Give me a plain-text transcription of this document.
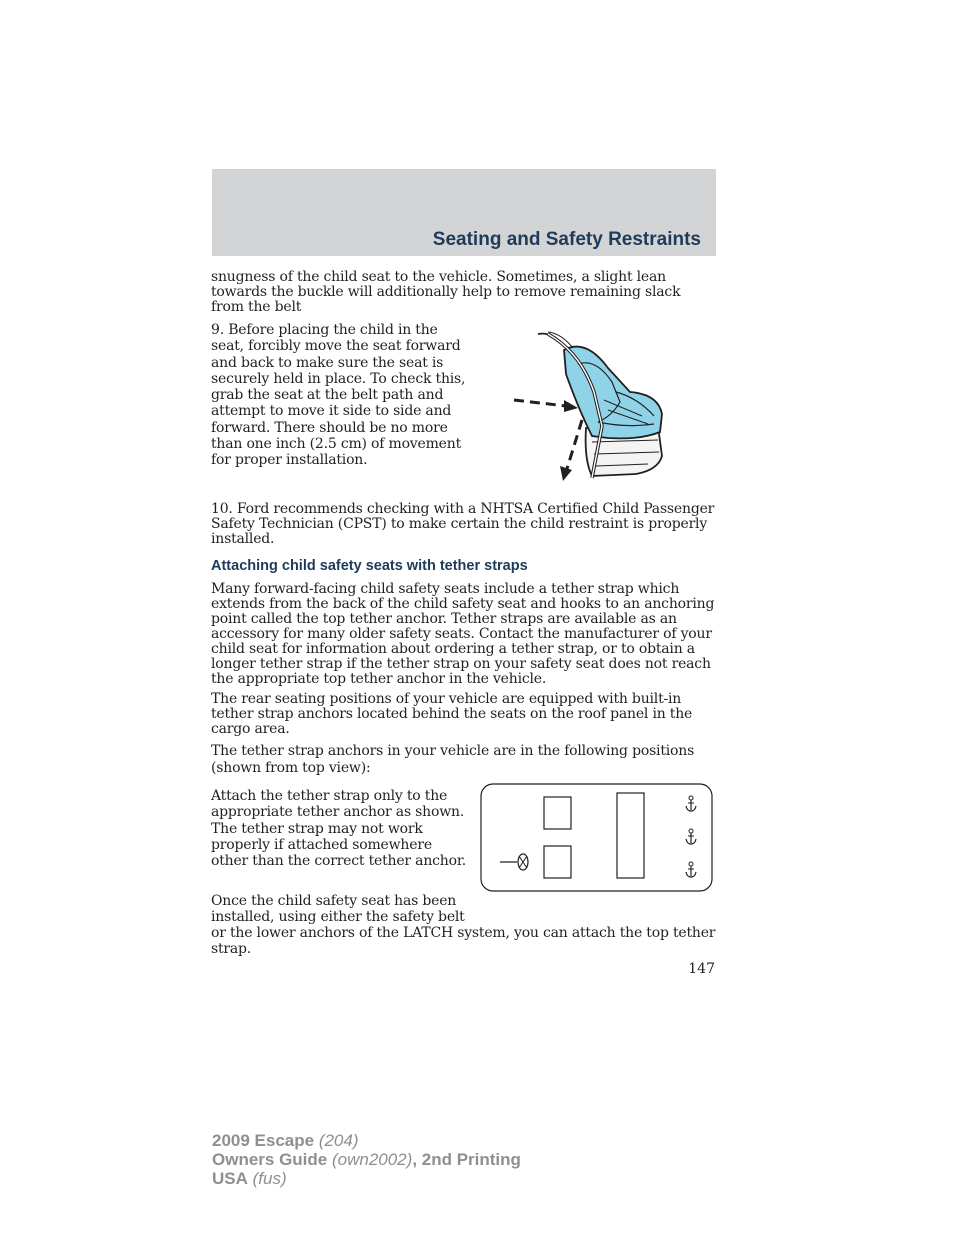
Seating and Safety Restraints

snugness of the child seat to the vehicle. Sometimes, a slight lean towards the buckle will additionally help to remove remaining slack from the belt

9. Before placing the child in the seat, forcibly move the seat forward and back to make sure the seat is securely held in place. To check this, grab the seat at the belt path and attempt to move it side to side and forward. There should be no more than one inch (2.5 cm) of movement for proper installation.

10. Ford recommends checking with a NHTSA Certified Child Passenger Safety Technician (CPST) to make certain the child restraint is properly installed.

Attaching child safety seats with tether straps

Many forward-facing child safety seats include a tether strap which extends from the back of the child safety seat and hooks to an anchoring point called the top tether anchor. Tether straps are available as an accessory for many older safety seats. Contact the manufacturer of your child seat for information about ordering a tether strap, or to obtain a longer tether strap if the tether strap on your safety seat does not reach the appropriate top tether anchor in the vehicle.

The rear seating positions of your vehicle are equipped with built-in tether strap anchors located behind the seats on the roof panel in the cargo area.

The tether strap anchors in your vehicle are in the following positions (shown from top view):

Attach the tether strap only to the appropriate tether anchor as shown. The tether strap may not work properly if attached somewhere other than the correct tether anchor.

Once the child safety seat has been installed, using either the safety belt

or the lower anchors of the LATCH system, you can attach the top tether strap.

147
2009 Escape (204)
Owners Guide (own2002), 2nd Printing
USA (fus)
